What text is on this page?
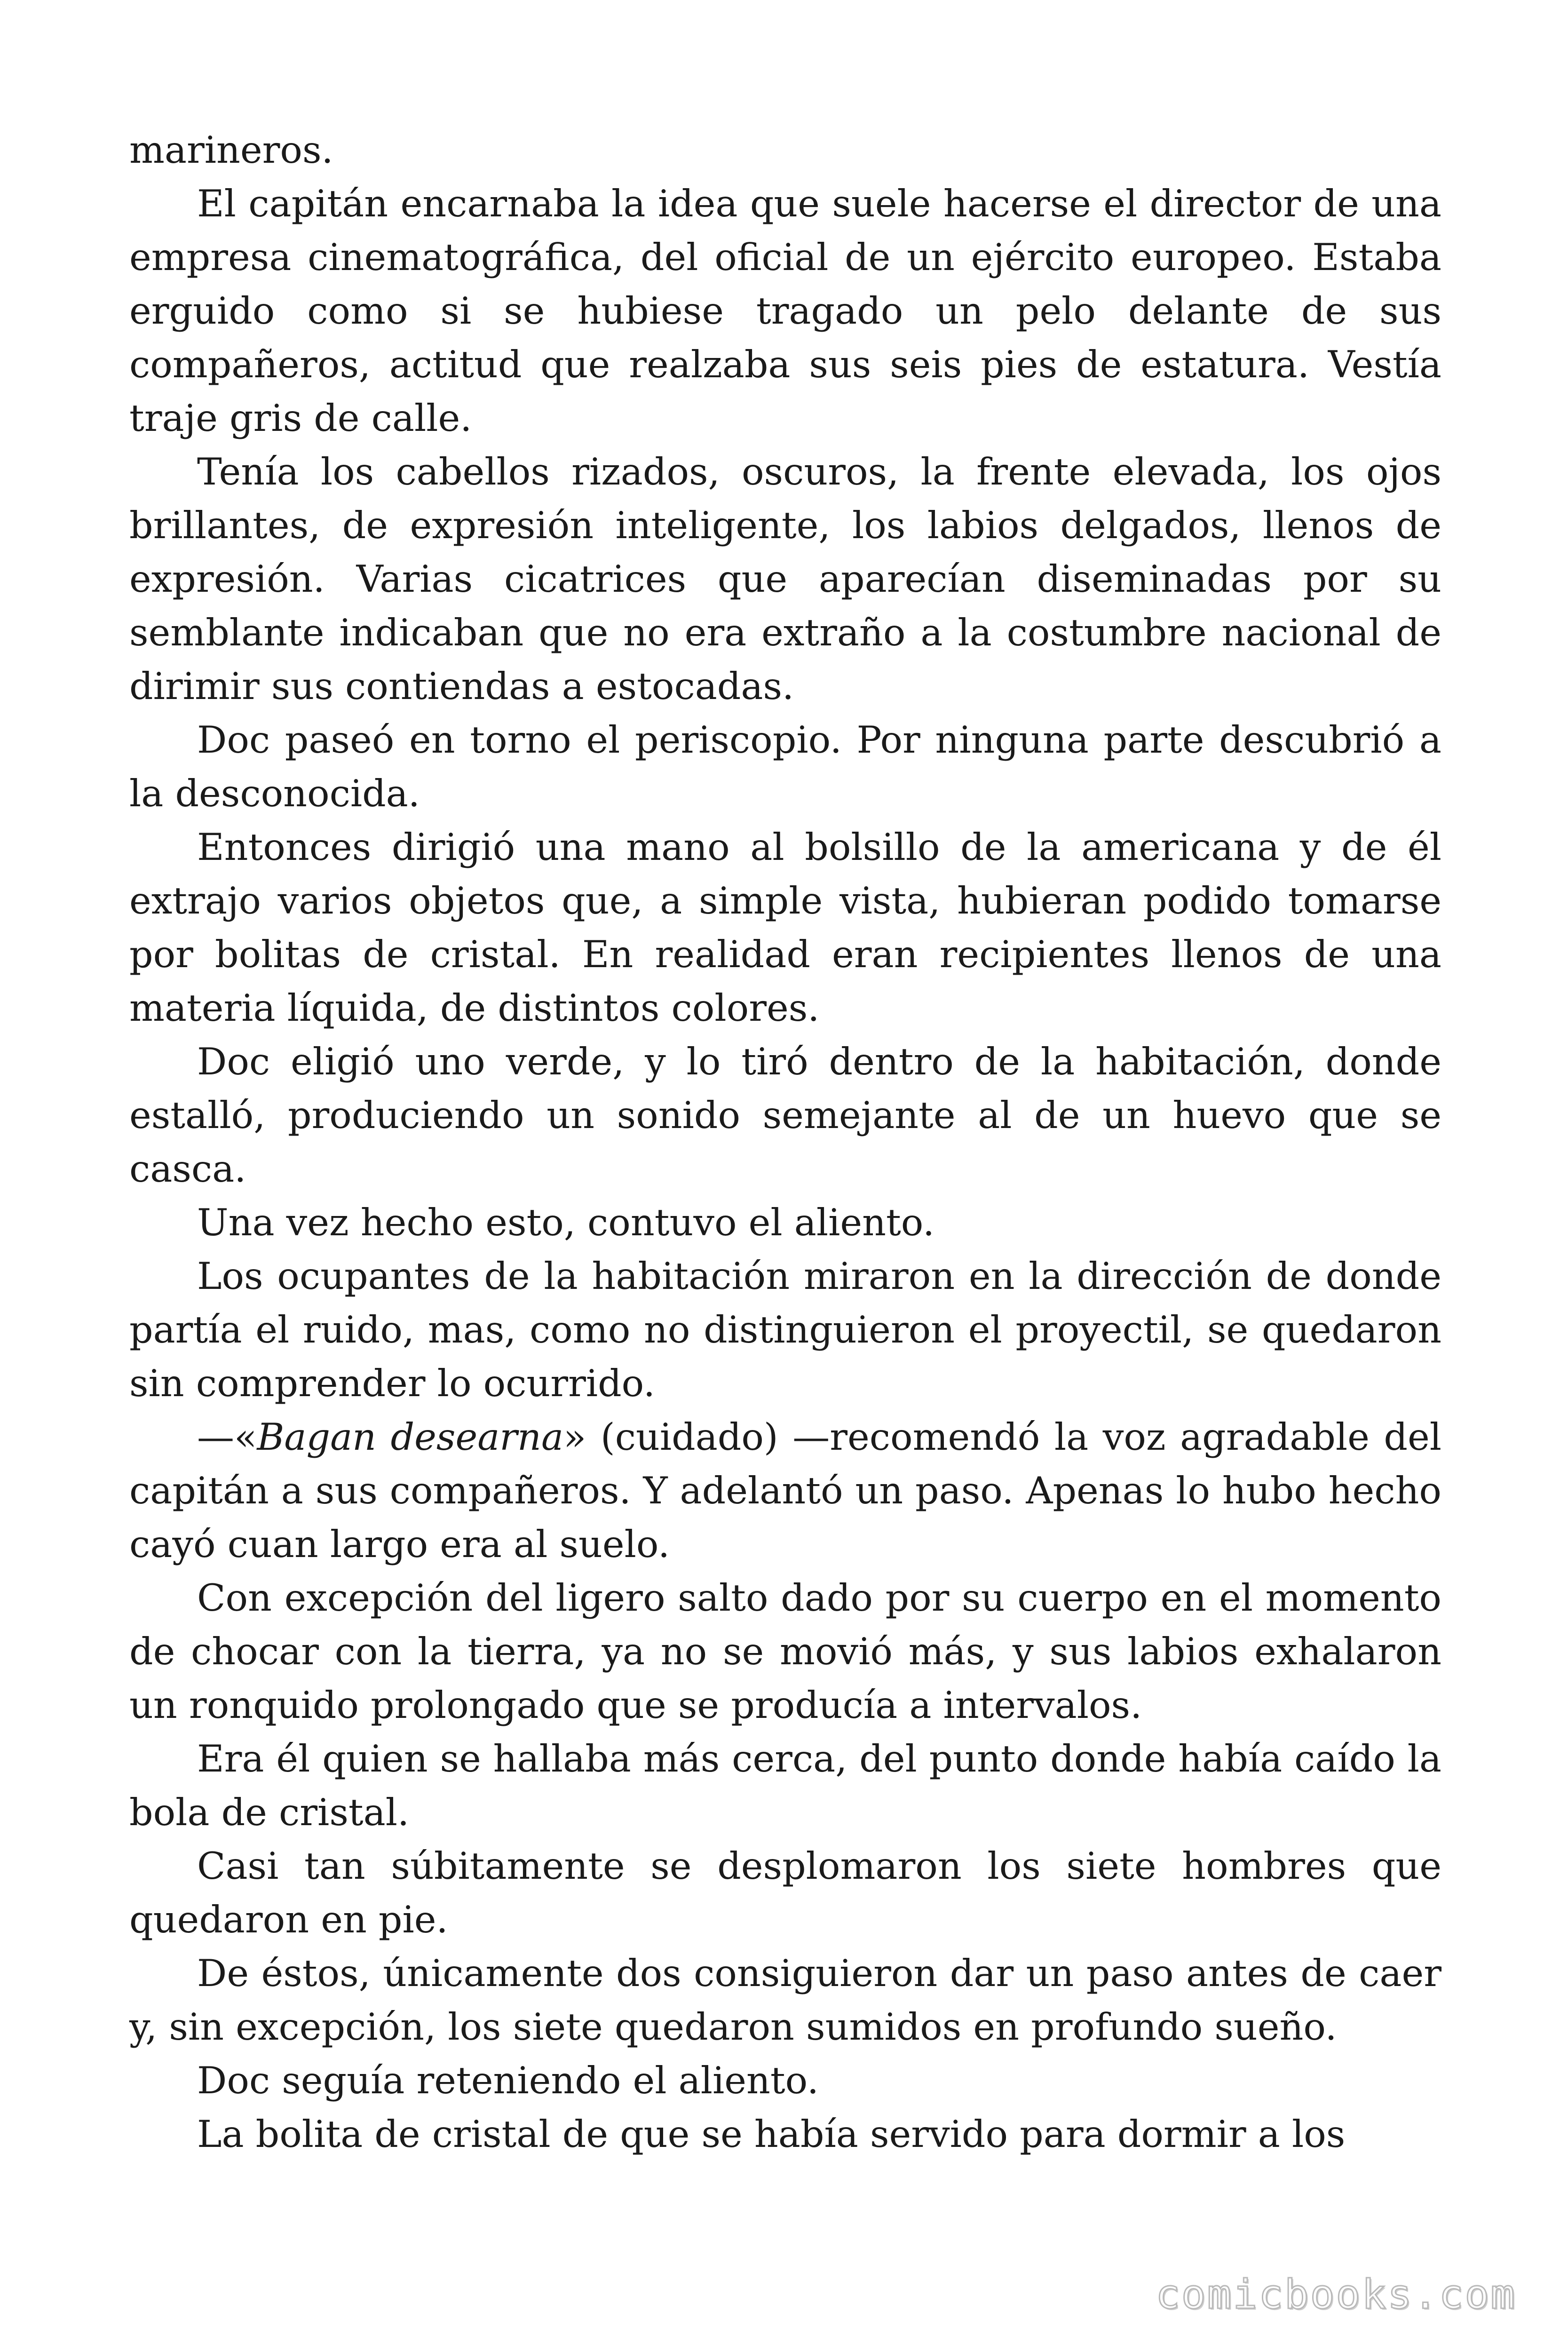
marineros.

El capitán encarnaba la idea que suele hacerse el director de una empresa cinematográfica, del oficial de un ejército europeo. Estaba erguido como si se hubiese tragado un pelo delante de sus compañeros, actitud que realzaba sus seis pies de estatura. Vestía traje gris de calle.

Tenía los cabellos rizados, oscuros, la frente elevada, los ojos brillantes, de expresión inteligente, los labios delgados, llenos de expresión. Varias cicatrices que aparecían diseminadas por su semblante indicaban que no era extraño a la costumbre nacional de dirimir sus contiendas a estocadas.

Doc paseó en torno el periscopio. Por ninguna parte descubrió a la desconocida.

Entonces dirigió una mano al bolsillo de la americana y de él extrajo varios objetos que, a simple vista, hubieran podido tomarse por bolitas de cristal. En realidad eran recipientes llenos de una materia líquida, de distintos colores.

Doc eligió uno verde, y lo tiró dentro de la habitación, donde estalló, produciendo un sonido semejante al de un huevo que se casca.

Una vez hecho esto, contuvo el aliento.

Los ocupantes de la habitación miraron en la dirección de donde partía el ruido, mas, como no distinguieron el proyectil, se quedaron sin comprender lo ocurrido.

—«Bagan desearna» (cuidado) —recomendó la voz agradable del capitán a sus compañeros. Y adelantó un paso. Apenas lo hubo hecho cayó cuan largo era al suelo.

Con excepción del ligero salto dado por su cuerpo en el momento de chocar con la tierra, ya no se movió más, y sus labios exhalaron un ronquido prolongado que se producía a intervalos.

Era él quien se hallaba más cerca, del punto donde había caído la bola de cristal.

Casi tan súbitamente se desplomaron los siete hombres que quedaron en pie.

De éstos, únicamente dos consiguieron dar un paso antes de caer y, sin excepción, los siete quedaron sumidos en profundo sueño.

Doc seguía reteniendo el aliento.

La bolita de cristal de que se había servido para dormir a los

comicbooks.com
